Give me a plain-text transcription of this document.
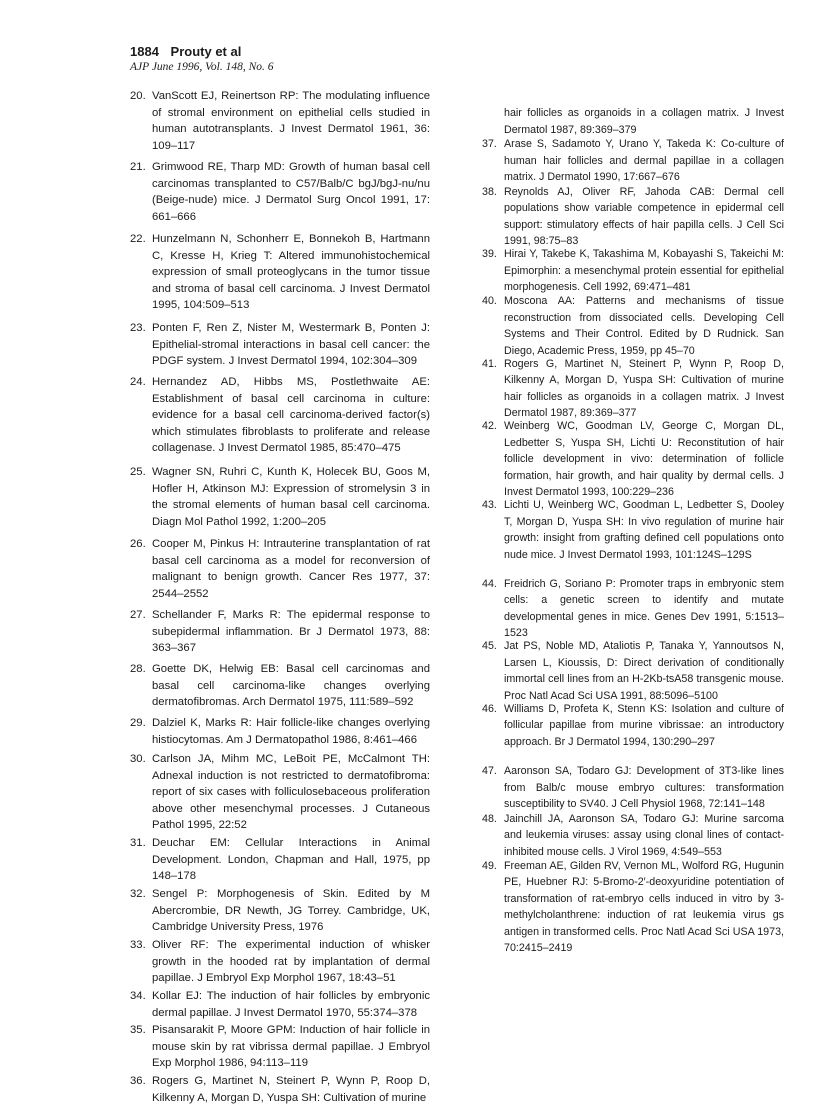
1884 Prouty et al
AJP June 1996, Vol. 148, No. 6
20. VanScott EJ, Reinertson RP: The modulating influence of stromal environment on epithelial cells studied in human autotransplants. J Invest Dermatol 1961, 36: 109–117
21. Grimwood RE, Tharp MD: Growth of human basal cell carcinomas transplanted to C57/Balb/C bgJ/bgJ-nu/nu (Beige-nude) mice. J Dermatol Surg Oncol 1991, 17: 661–666
22. Hunzelmann N, Schonherr E, Bonnekoh B, Hartmann C, Kresse H, Krieg T: Altered immunohistochemical expression of small proteoglycans in the tumor tissue and stroma of basal cell carcinoma. J Invest Dermatol 1995, 104:509–513
23. Ponten F, Ren Z, Nister M, Westermark B, Ponten J: Epithelial-stromal interactions in basal cell cancer: the PDGF system. J Invest Dermatol 1994, 102:304–309
24. Hernandez AD, Hibbs MS, Postlethwaite AE: Establishment of basal cell carcinoma in culture: evidence for a basal cell carcinoma-derived factor(s) which stimulates fibroblasts to proliferate and release collagenase. J Invest Dermatol 1985, 85:470–475
25. Wagner SN, Ruhri C, Kunth K, Holecek BU, Goos M, Hofler H, Atkinson MJ: Expression of stromelysin 3 in the stromal elements of human basal cell carcinoma. Diagn Mol Pathol 1992, 1:200–205
26. Cooper M, Pinkus H: Intrauterine transplantation of rat basal cell carcinoma as a model for reconversion of malignant to benign growth. Cancer Res 1977, 37: 2544–2552
27. Schellander F, Marks R: The epidermal response to subepidermal inflammation. Br J Dermatol 1973, 88: 363–367
28. Goette DK, Helwig EB: Basal cell carcinomas and basal cell carcinoma-like changes overlying dermatofibromas. Arch Dermatol 1975, 111:589–592
29. Dalziel K, Marks R: Hair follicle-like changes overlying histiocytomas. Am J Dermatopathol 1986, 8:461–466
30. Carlson JA, Mihm MC, LeBoit PE, McCalmont TH: Adnexal induction is not restricted to dermatofibroma: report of six cases with folliculosebaceous proliferation above other mesenchymal processes. J Cutaneous Pathol 1995, 22:52
31. Deuchar EM: Cellular Interactions in Animal Development. London, Chapman and Hall, 1975, pp 148–178
32. Sengel P: Morphogenesis of Skin. Edited by M Abercrombie, DR Newth, JG Torrey. Cambridge, UK, Cambridge University Press, 1976
33. Oliver RF: The experimental induction of whisker growth in the hooded rat by implantation of dermal papillae. J Embryol Exp Morphol 1967, 18:43–51
34. Kollar EJ: The induction of hair follicles by embryonic dermal papillae. J Invest Dermatol 1970, 55:374–378
35. Pisansarakit P, Moore GPM: Induction of hair follicle in mouse skin by rat vibrissa dermal papillae. J Embryol Exp Morphol 1986, 94:113–119
36. Rogers G, Martinet N, Steinert P, Wynn P, Roop D, Kilkenny A, Morgan D, Yuspa SH: Cultivation of murine
hair follicles as organoids in a collagen matrix. J Invest Dermatol 1987, 89:369–379
37. Arase S, Sadamoto Y, Urano Y, Takeda K: Co-culture of human hair follicles and dermal papillae in a collagen matrix. J Dermatol 1990, 17:667–676
38. Reynolds AJ, Oliver RF, Jahoda CAB: Dermal cell populations show variable competence in epidermal cell support: stimulatory effects of hair papilla cells. J Cell Sci 1991, 98:75–83
39. Hirai Y, Takebe K, Takashima M, Kobayashi S, Takeichi M: Epimorphin: a mesenchymal protein essential for epithelial morphogenesis. Cell 1992, 69:471–481
40. Moscona AA: Patterns and mechanisms of tissue reconstruction from dissociated cells. Developing Cell Systems and Their Control. Edited by D Rudnick. San Diego, Academic Press, 1959, pp 45–70
41. Rogers G, Martinet N, Steinert P, Wynn P, Roop D, Kilkenny A, Morgan D, Yuspa SH: Cultivation of murine hair follicles as organoids in a collagen matrix. J Invest Dermatol 1987, 89:369–377
42. Weinberg WC, Goodman LV, George C, Morgan DL, Ledbetter S, Yuspa SH, Lichti U: Reconstitution of hair follicle development in vivo: determination of follicle formation, hair growth, and hair quality by dermal cells. J Invest Dermatol 1993, 100:229–236
43. Lichti U, Weinberg WC, Goodman L, Ledbetter S, Dooley T, Morgan D, Yuspa SH: In vivo regulation of murine hair growth: insight from grafting defined cell populations onto nude mice. J Invest Dermatol 1993, 101:124S–129S
44. Freidrich G, Soriano P: Promoter traps in embryonic stem cells: a genetic screen to identify and mutate developmental genes in mice. Genes Dev 1991, 5:1513–1523
45. Jat PS, Noble MD, Ataliotis P, Tanaka Y, Yannoutsos N, Larsen L, Kioussis, D: Direct derivation of conditionally immortal cell lines from an H-2Kb-tsA58 transgenic mouse. Proc Natl Acad Sci USA 1991, 88:5096–5100
46. Williams D, Profeta K, Stenn KS: Isolation and culture of follicular papillae from murine vibrissae: an introductory approach. Br J Dermatol 1994, 130:290–297
47. Aaronson SA, Todaro GJ: Development of 3T3-like lines from Balb/c mouse embryo cultures: transformation susceptibility to SV40. J Cell Physiol 1968, 72:141–148
48. Jainchill JA, Aaronson SA, Todaro GJ: Murine sarcoma and leukemia viruses: assay using clonal lines of contact-inhibited mouse cells. J Virol 1969, 4:549–553
49. Freeman AE, Gilden RV, Vernon ML, Wolford RG, Hugunin PE, Huebner RJ: 5-Bromo-2′-deoxyuridine potentiation of transformation of rat-embryo cells induced in vitro by 3-methylcholanthrene: induction of rat leukemia virus gs antigen in transformed cells. Proc Natl Acad Sci USA 1973, 70:2415–2419
